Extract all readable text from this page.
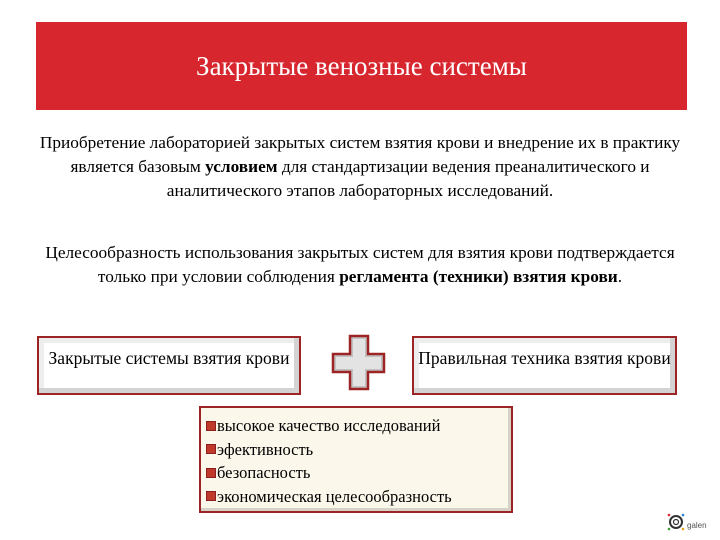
Закрытые венозные системы
Приобретение лабораторией закрытых систем взятия крови и внедрение их в практику является базовым условием для стандартизации ведения преаналитического и аналитического этапов лабораторных исследований.
Целесообразность использования закрытых систем для взятия крови подтверждается только при условии соблюдения регламента (техники) взятия крови.
Закрытые системы взятия крови	Правильная техника взятия крови
высокое качество исследований
эфективность
безопасность
экономическая целесообразность
galen
